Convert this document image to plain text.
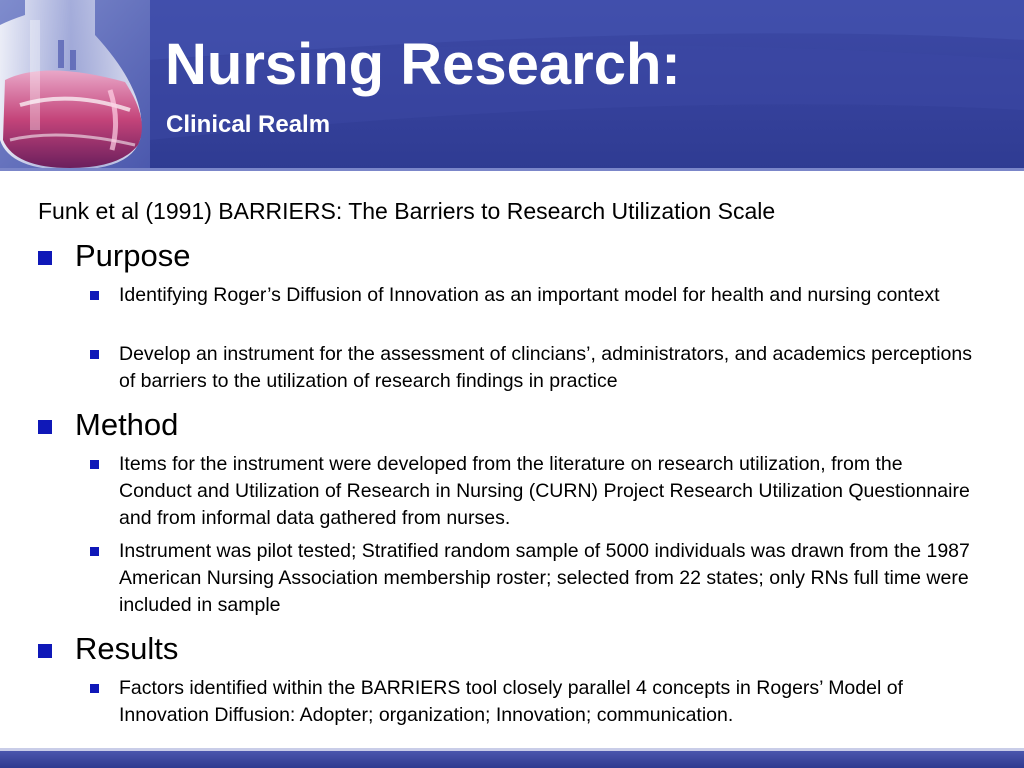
Nursing Research:
Clinical Realm

Funk et al (1991) BARRIERS: The Barriers to Research Utilization Scale

Purpose
Identifying Roger’s Diffusion of Innovation as an important model for health and nursing context
Develop an instrument for the assessment of clincians’, administrators, and academics perceptions of barriers to the utilization of research findings in practice
Method
Items for the instrument were developed from the literature on research utilization, from the Conduct and Utilization of Research in Nursing (CURN) Project Research Utilization Questionnaire and from informal data gathered from nurses.
Instrument was pilot tested; Stratified random sample of 5000 individuals was drawn from the 1987 American Nursing Association membership roster; selected from 22 states; only RNs full time were included in sample
Results
Factors identified within the BARRIERS tool closely parallel 4 concepts in Rogers’ Model of Innovation Diffusion: Adopter; organization; Innovation; communication.
